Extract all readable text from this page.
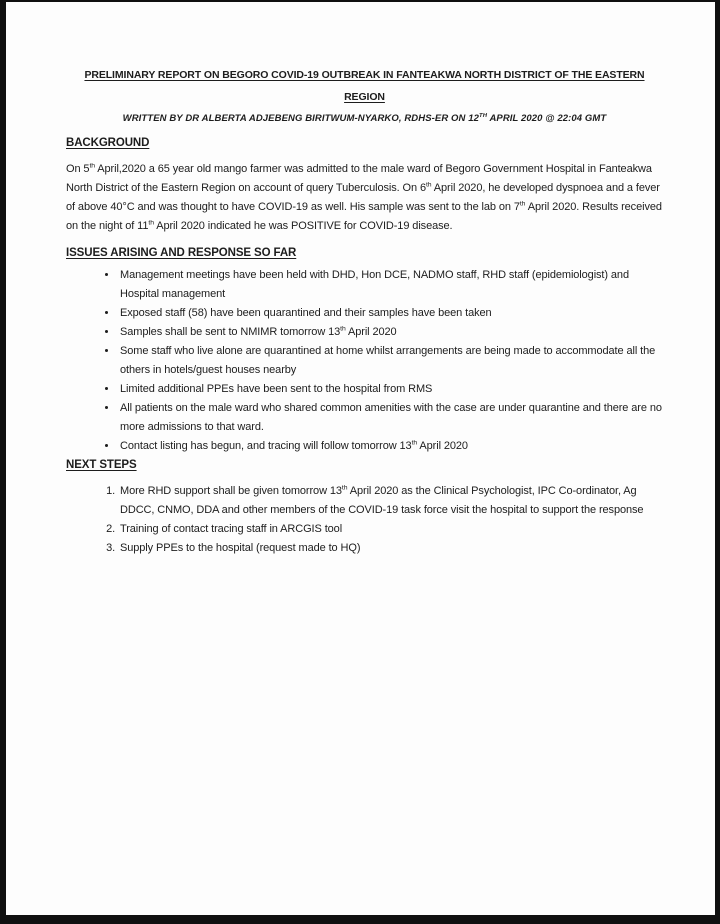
PRELIMINARY REPORT ON BEGORO COVID-19 OUTBREAK IN FANTEAKWA NORTH DISTRICT OF THE EASTERN
REGION

WRITTEN BY DR ALBERTA ADJEBENG BIRITWUM-NYARKO, RDHS-ER ON 12TH APRIL 2020 @ 22:04 GMT

BACKGROUND

On 5th April,2020 a 65 year old mango farmer was admitted to the male ward of Begoro Government Hospital in Fanteakwa North District of the Eastern Region on account of query Tuberculosis. On 6th April 2020, he developed dyspnoea and a fever of above 40°C and was thought to have COVID-19 as well. His sample was sent to the lab on 7th April 2020. Results received on the night of 11th April 2020 indicated he was POSITIVE for COVID-19 disease.

ISSUES ARISING AND RESPONSE SO FAR
• Management meetings have been held with DHD, Hon DCE, NADMO staff, RHD staff (epidemiologist) and Hospital management
• Exposed staff (58) have been quarantined and their samples have been taken
• Samples shall be sent to NMIMR tomorrow 13th April 2020
• Some staff who live alone are quarantined at home whilst arrangements are being made to accommodate all the others in hotels/guest houses nearby
• Limited additional PPEs have been sent to the hospital from RMS
• All patients on the male ward who shared common amenities with the case are under quarantine and there are no more admissions to that ward.
• Contact listing has begun, and tracing will follow tomorrow 13th April 2020
NEXT STEPS
1. More RHD support shall be given tomorrow 13th April 2020 as the Clinical Psychologist, IPC Co-ordinator, Ag DDCC, CNMO, DDA and other members of the COVID-19 task force visit the hospital to support the response
2. Training of contact tracing staff in ARCGIS tool
3. Supply PPEs to the hospital (request made to HQ)
